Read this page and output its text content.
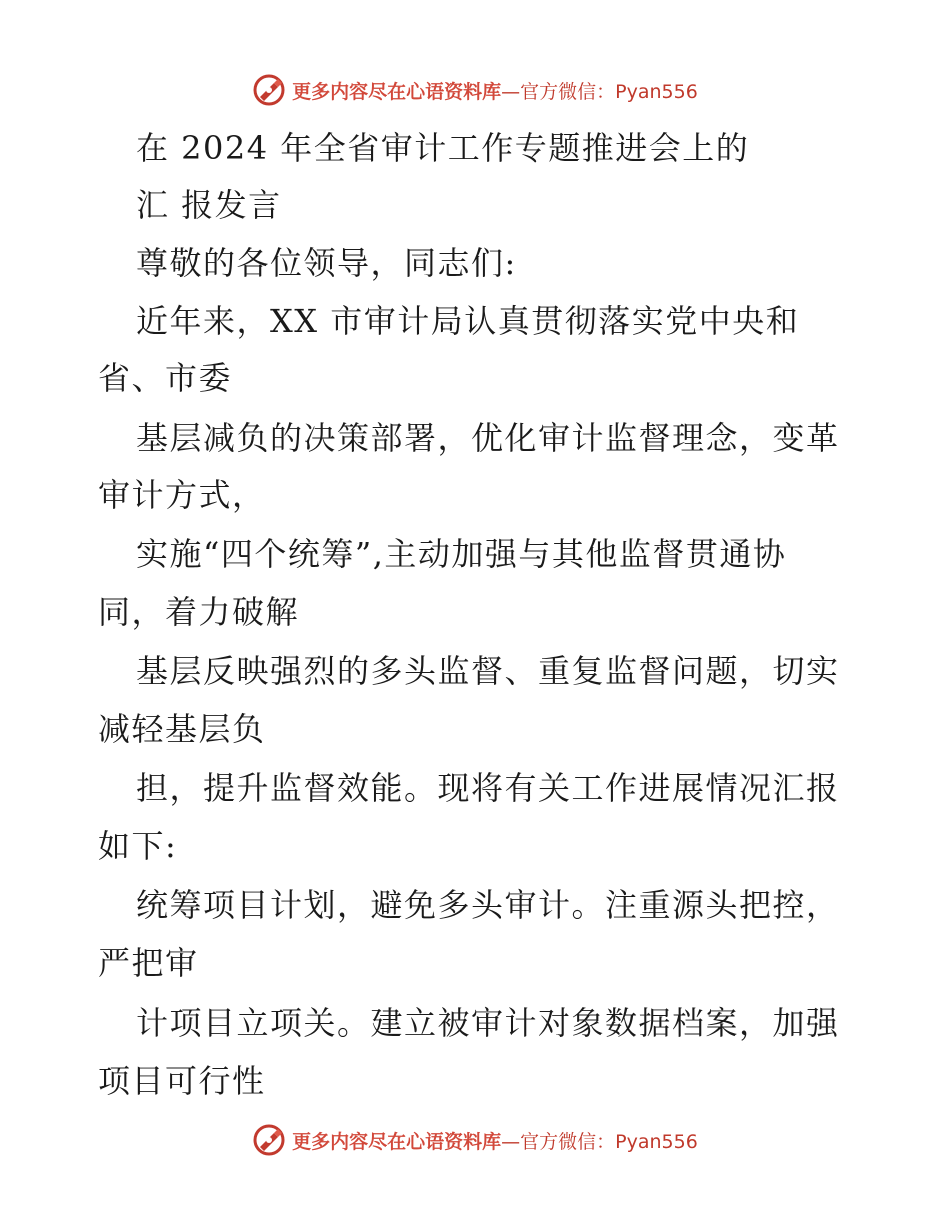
更多内容尽在心语资料库—官方微信：Pyan556
在 2024 年全省审计工作专题推进会上的
汇 报发言
尊敬的各位领导，同志们:
近年来，XX 市审计局认真贯彻落实党中央和
省、市委
基层减负的决策部署，优化审计监督理念，变革
审计方式，
实施“四个统筹”,主动加强与其他监督贯通协
同，着力破解
基层反映强烈的多头监督、重复监督问题，切实
减轻基层负
担，提升监督效能。现将有关工作进展情况汇报
如下:
统筹项目计划，避免多头审计。注重源头把控，
严把审
计项目立项关。建立被审计对象数据档案，加强
项目可行性
更多内容尽在心语资料库—官方微信：Pyan556
